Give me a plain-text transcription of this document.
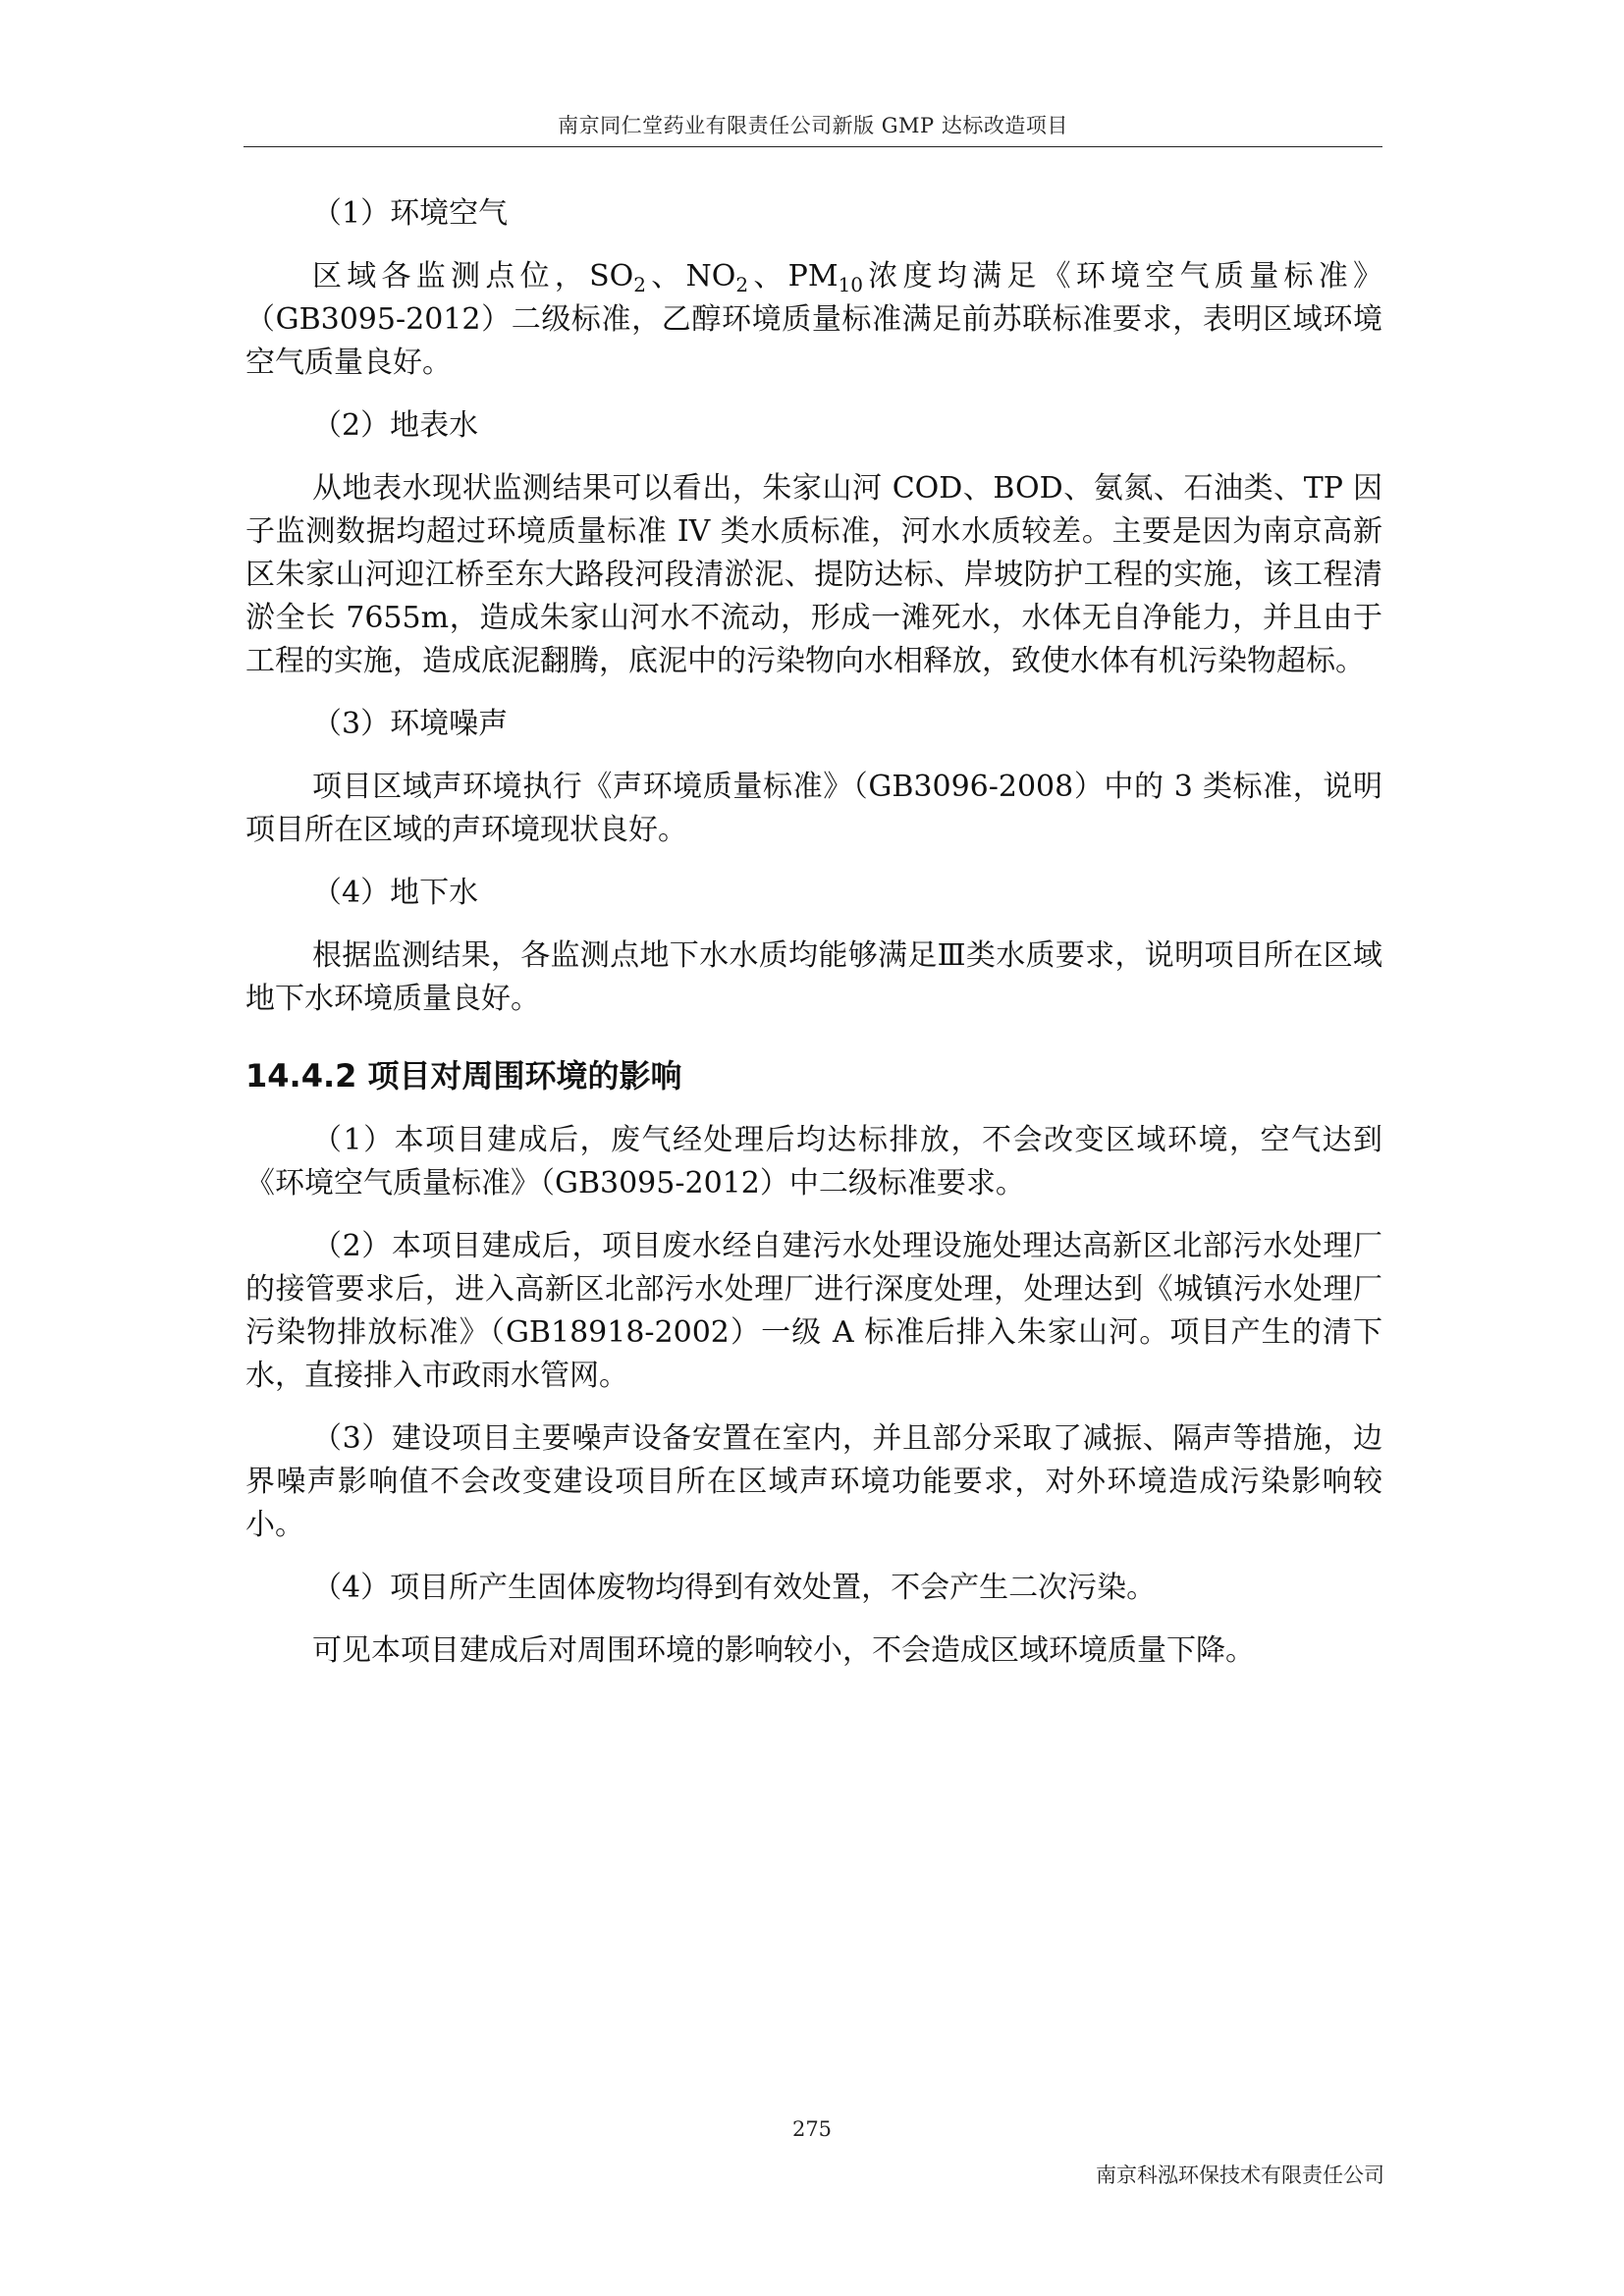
南京同仁堂药业有限责任公司新版 GMP 达标改造项目

（1）环境空气

区域各监测点位，$SO_2$、$NO_2$、$PM_{10}$浓度均满足《环境空气质量标准》（GB3095-2012）二级标准，乙醇环境质量标准满足前苏联标准要求，表明区域环境空气质量良好。

（2）地表水

从地表水现状监测结果可以看出，朱家山河 COD、BOD、氨氮、石油类、TP 因子监测数据均超过环境质量标准 IV 类水质标准，河水水质较差。主要是因为南京高新区朱家山河迎江桥至东大路段河段清淤泥、提防达标、岸坡防护工程的实施，该工程清淤全长 7655m，造成朱家山河水不流动，形成一滩死水，水体无自净能力，并且由于工程的实施，造成底泥翻腾，底泥中的污染物向水相释放，致使水体有机污染物超标。

（3）环境噪声

项目区域声环境执行《声环境质量标准》（GB3096-2008）中的 3 类标准，说明项目所在区域的声环境现状良好。

（4）地下水

根据监测结果，各监测点地下水水质均能够满足Ⅲ类水质要求，说明项目所在区域地下水环境质量良好。

14.4.2 项目对周围环境的影响

（1）本项目建成后，废气经处理后均达标排放，不会改变区域环境，空气达到《环境空气质量标准》（GB3095-2012）中二级标准要求。

（2）本项目建成后，项目废水经自建污水处理设施处理达高新区北部污水处理厂的接管要求后，进入高新区北部污水处理厂进行深度处理，处理达到《城镇污水处理厂污染物排放标准》（GB18918-2002）一级 A 标准后排入朱家山河。项目产生的清下水，直接排入市政雨水管网。

（3）建设项目主要噪声设备安置在室内，并且部分采取了减振、隔声等措施，边界噪声影响值不会改变建设项目所在区域声环境功能要求，对外环境造成污染影响较小。

（4）项目所产生固体废物均得到有效处置，不会产生二次污染。

可见本项目建成后对周围环境的影响较小，不会造成区域环境质量下降。

275
南京科泓环保技术有限责任公司
